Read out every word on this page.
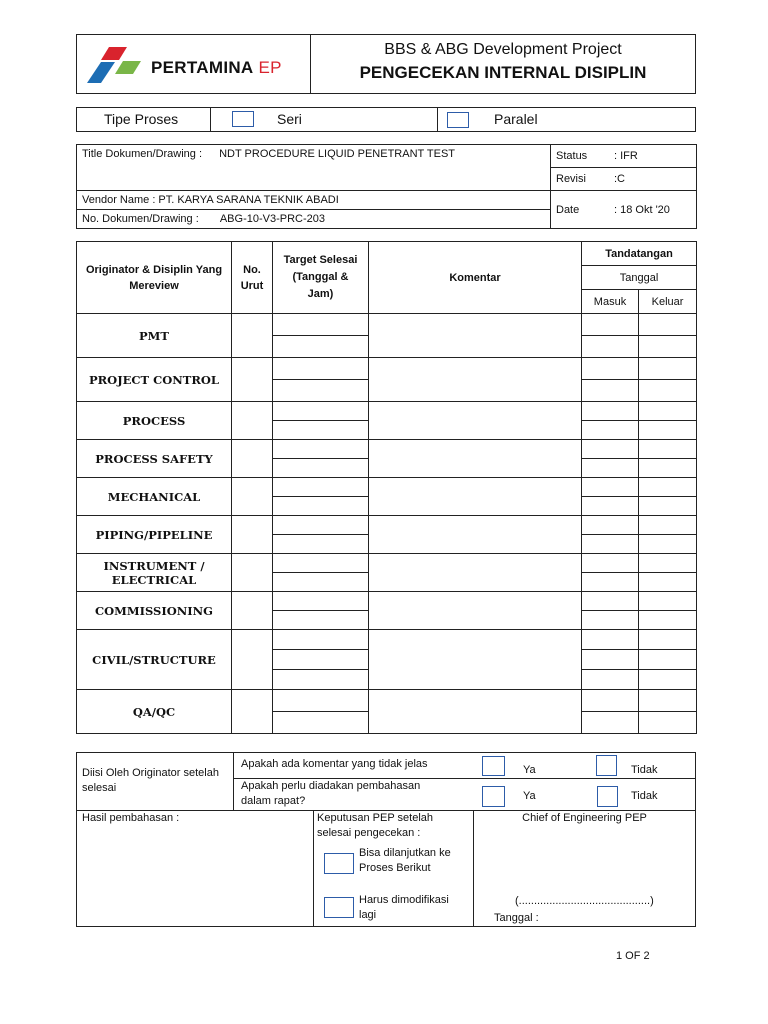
PERTAMINA EP
BBS & ABG Development Project
PENGECEKAN INTERNAL DISIPLIN
Tipe Proses	Seri	Paralel
Title Dokumen/Drawing : NDT PROCEDURE LIQUID PENETRANT TEST	Status : IFR
	Revisi :C
Vendor Name : PT. KARYA SARANA TEKNIK ABADI	Date : 18 Okt '20
No. Dokumen/Drawing : ABG-10-V3-PRC-203	
Originator & Disiplin Yang Mereview	No. Urut	Target Selesai (Tanggal & Jam)	Komentar	Tandatangan	
				Tanggal	
				Masuk	Keluar
PMT					

PROJECT CONTROL					

PROCESS					

PROCESS SAFETY					

MECHANICAL					

PIPING/PIPELINE					

INSTRUMENT / ELECTRICAL					

COMMISSIONING					

CIVIL/STRUCTURE					

QA/QC					

Diisi Oleh Originator setelah selesai
Apakah ada komentar yang tidak jelas
Apakah perlu diadakan pembahasan dalam rapat?
Ya	Tidak
Ya	Tidak
Hasil pembahasan :	Keputusan PEP setelah selesai pengecekan :
Bisa dilanjutkan ke Proses Berikut
Harus dimodifikasi lagi
Chief of Engineering PEP
(...........................................)
Tanggal :
1 OF 2
